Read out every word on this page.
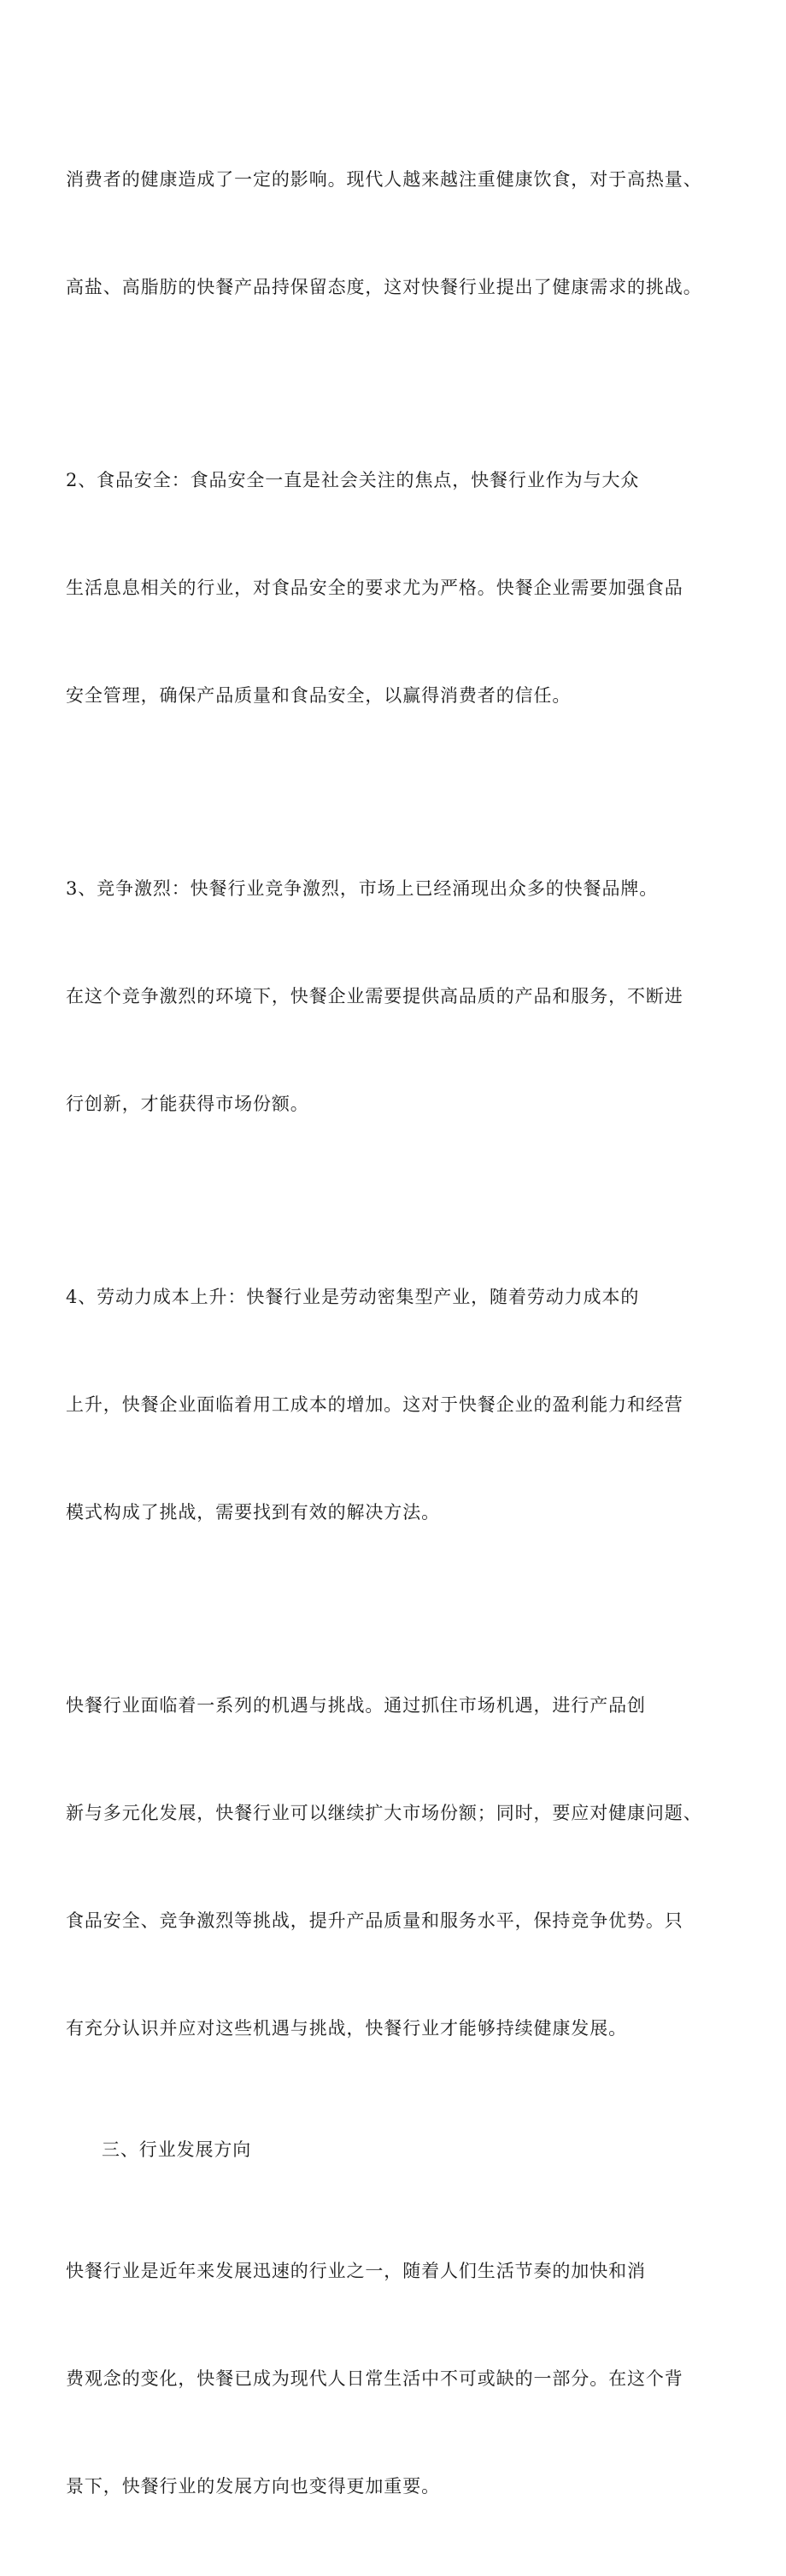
消费者的健康造成了一定的影响。现代人越来越注重健康饮食，对于高热量、

高盐、高脂肪的快餐产品持保留态度，这对快餐行业提出了健康需求的挑战。

2、食品安全：食品安全一直是社会关注的焦点，快餐行业作为与大众

生活息息相关的行业，对食品安全的要求尤为严格。快餐企业需要加强食品

安全管理，确保产品质量和食品安全，以赢得消费者的信任。

3、竞争激烈：快餐行业竞争激烈，市场上已经涌现出众多的快餐品牌。

在这个竞争激烈的环境下，快餐企业需要提供高品质的产品和服务，不断进

行创新，才能获得市场份额。

4、劳动力成本上升：快餐行业是劳动密集型产业，随着劳动力成本的

上升，快餐企业面临着用工成本的增加。这对于快餐企业的盈利能力和经营

模式构成了挑战，需要找到有效的解决方法。

快餐行业面临着一系列的机遇与挑战。通过抓住市场机遇，进行产品创

新与多元化发展，快餐行业可以继续扩大市场份额；同时，要应对健康问题、

食品安全、竞争激烈等挑战，提升产品质量和服务水平，保持竞争优势。只

有充分认识并应对这些机遇与挑战，快餐行业才能够持续健康发展。

三、行业发展方向

快餐行业是近年来发展迅速的行业之一，随着人们生活节奏的加快和消

费观念的变化，快餐已成为现代人日常生活中不可或缺的一部分。在这个背

景下，快餐行业的发展方向也变得更加重要。
